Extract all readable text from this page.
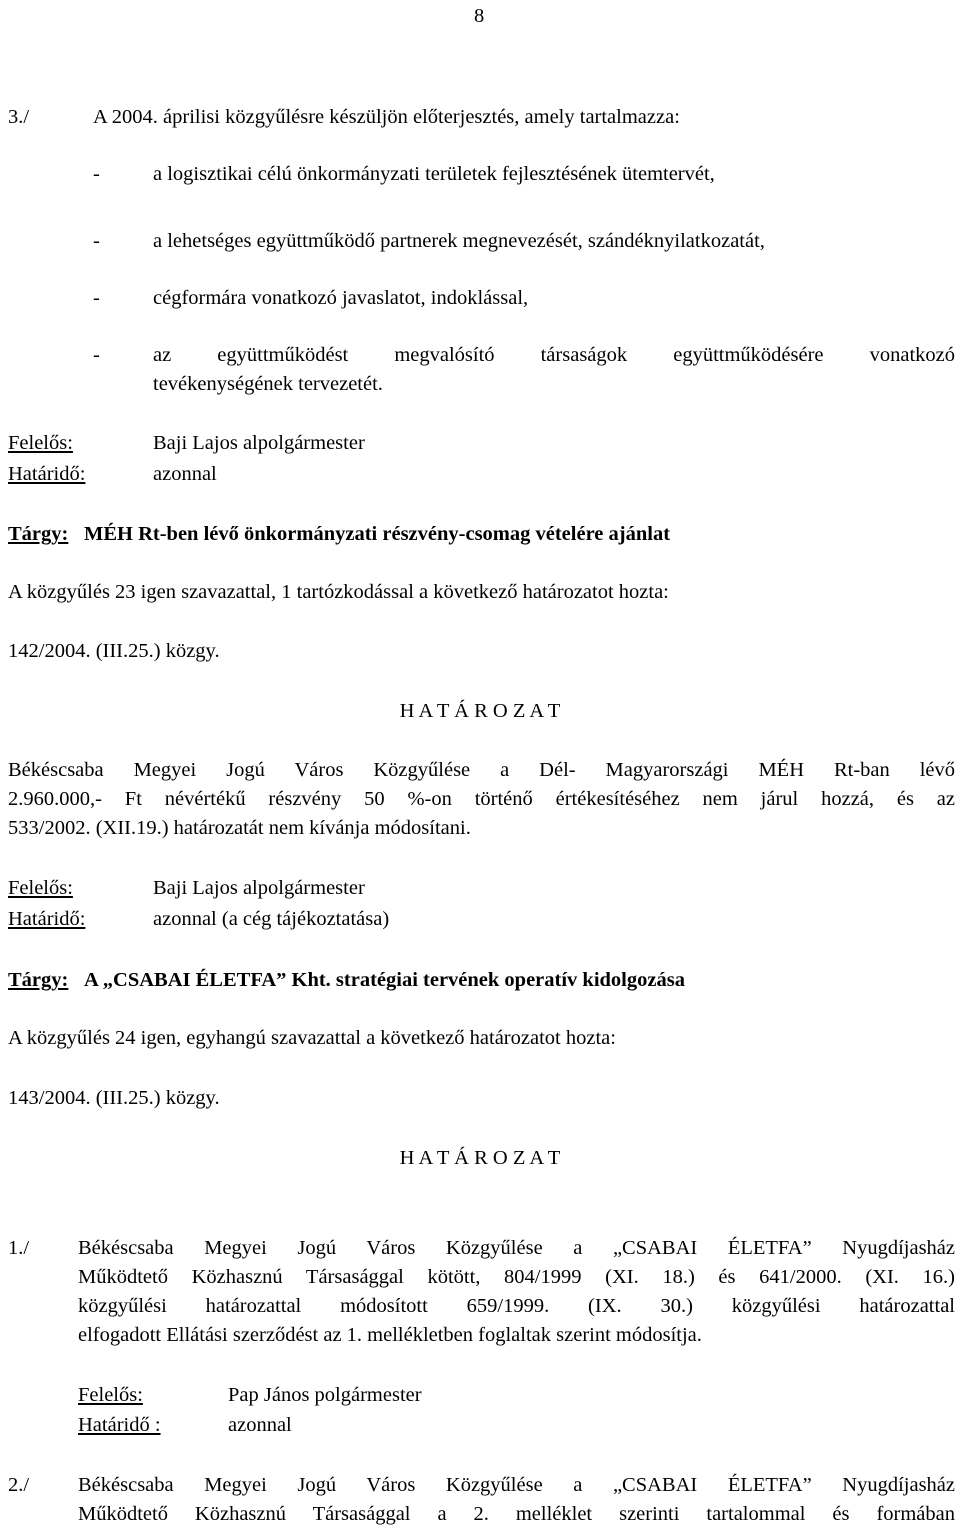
8
3./	A 2004. áprilisi közgyűlésre készüljön előterjesztés, amely tartalmazza:
-	a logisztikai célú önkormányzati területek fejlesztésének ütemtervét,
-	a lehetséges együttműködő partnerek megnevezését, szándéknyilatkozatát,
-	cégformára vonatkozó javaslatot, indoklással,
-	az együttműködést megvalósító társaságok együttműködésére vonatkozó
tevékenységének tervezetét.
Felelős:	Baji Lajos alpolgármester
Határidő:	azonnal
Tárgy: MÉH Rt-ben lévő önkormányzati részvény-csomag vételére ajánlat
A közgyűlés 23 igen szavazattal, 1 tartózkodással a következő határozatot hozta:
142/2004. (III.25.) közgy.
H A T Á R O Z A T
Békéscsaba Megyei Jogú Város Közgyűlése a Dél- Magyarországi MÉH Rt-ban lévő
2.960.000,- Ft névértékű részvény 50 %-on történő értékesítéséhez nem járul hozzá, és az
533/2002. (XII.19.) határozatát nem kívánja módosítani.
Felelős:	Baji Lajos alpolgármester
Határidő:	azonnal (a cég tájékoztatása)
Tárgy: A „CSABAI ÉLETFA” Kht. stratégiai tervének operatív kidolgozása
A közgyűlés 24 igen, egyhangú szavazattal a következő határozatot hozta:
143/2004. (III.25.) közgy.
H A T Á R O Z A T
1./ Békéscsaba Megyei Jogú Város Közgyűlése a „CSABAI ÉLETFA” Nyugdíjasház
Működtető Közhasznú Társasággal kötött, 804/1999 (XI. 18.) és 641/2000. (XI. 16.)
közgyűlési határozattal módosított 659/1999. (IX. 30.) közgyűlési határozattal
elfogadott Ellátási szerződést az 1. mellékletben foglaltak szerint módosítja.
Felelős:	Pap János polgármester
Határidő :	azonnal
2./ Békéscsaba Megyei Jogú Város Közgyűlése a „CSABAI ÉLETFA” Nyugdíjasház
Működtető Közhasznú Társasággal a 2. melléklet szerinti tartalommal és formában
